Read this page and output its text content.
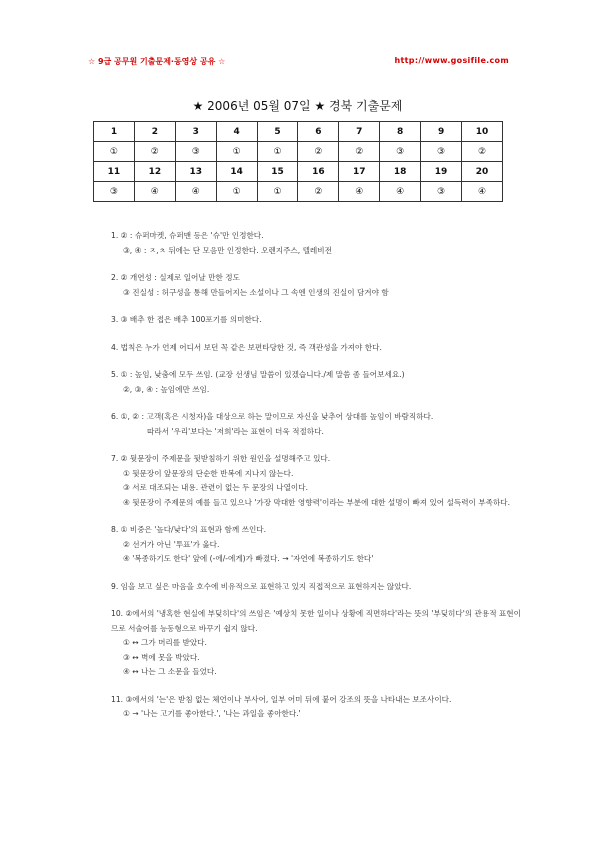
☆ 9급 공무원 기출문제·동영상 공유 ☆	http://www.gosifile.com
★ 2006년 05월 07일 ★ 경북 기출문제
1	2	3	4	5	6	7	8	9	10
①	②	③	①	①	②	②	③	③	②
11	12	13	14	15	16	17	18	19	20
③	④	④	①	①	②	④	④	③	④
1. ② : 슈퍼마켓, 슈퍼맨 등은 '슈'만 인정한다.
③, ④ : ㅈ,ㅊ 뒤에는 단 모음만 인정한다. 오렌지주스, 텔레비전
2. ② 개연성 : 실제로 일어날 만한 정도
③ 진실성 : 허구성을 통해 만들어지는 소설이나 그 속엔 인생의 진실이 담겨야 함
3. ③ 배추 한 접은 배추 100포기를 의미한다.
4. 법칙은 누가 언제 어디서 보던 꼭 같은 보편타당한 것, 즉 객관성을 가져야 한다.
5. ① : 높임, 낮춤에 모두 쓰임. (교장 선생님 말씀이 있겠습니다./제 말씀 좀 들어보세요.)
②, ③, ④ : 높임에만 쓰임.
6. ①, ② : 고객(혹은 시청자)을 대상으로 하는 말이므로 자신을 낮추어 상대를 높임이 바람직하다.
따라서 '우리'보다는 '저희'라는 표현이 더욱 적절하다.
7. ② 뒷문장이 주제문을 뒷받침하기 위한 원인을 설명해주고 있다.
① 뒷문장이 앞문장의 단순한 반복에 지나지 않는다.
③ 서로 대조되는 내용. 관련이 없는 두 문장의 나열이다.
④ 뒷문장이 주제문의 예를 들고 있으나 '가장 막대한 영향력'이라는 부분에 대한 설명이 빠져 있어 설득력이 부족하다.
8. ① 비중은 '높다/낮다'의 표현과 함께 쓰인다.
② 선거가 아닌 '투표'가 옳다.
④ '복종하기도 한다' 앞에 (-에/-에게)가 빠졌다. → '자연에 복종하기도 한다'
9. 임을 보고 싶은 마음을 호수에 비유적으로 표현하고 있지 직접적으로 표현하지는 않았다.
10. ②에서의 '냉혹한 현실에 부딪히다'의 쓰임은 '예상치 못한 일이나 상황에 직면하다'라는 뜻의 '부딪히다'의 관용적 표현이므로 서술어를 능동형으로 바꾸기 쉽지 않다.
① ↔ 그가 머리를 받았다.
③ ↔ 벽에 못을 박았다.
④ ↔ 나는 그 소문을 들었다.
11. ③에서의 '는'은 받침 없는 체언이나 부사어, 일부 어미 뒤에 붙어 강조의 뜻을 나타내는 보조사이다.
① → '나는 고기를 좋아한다.', '나는 과일을 좋아한다.'
